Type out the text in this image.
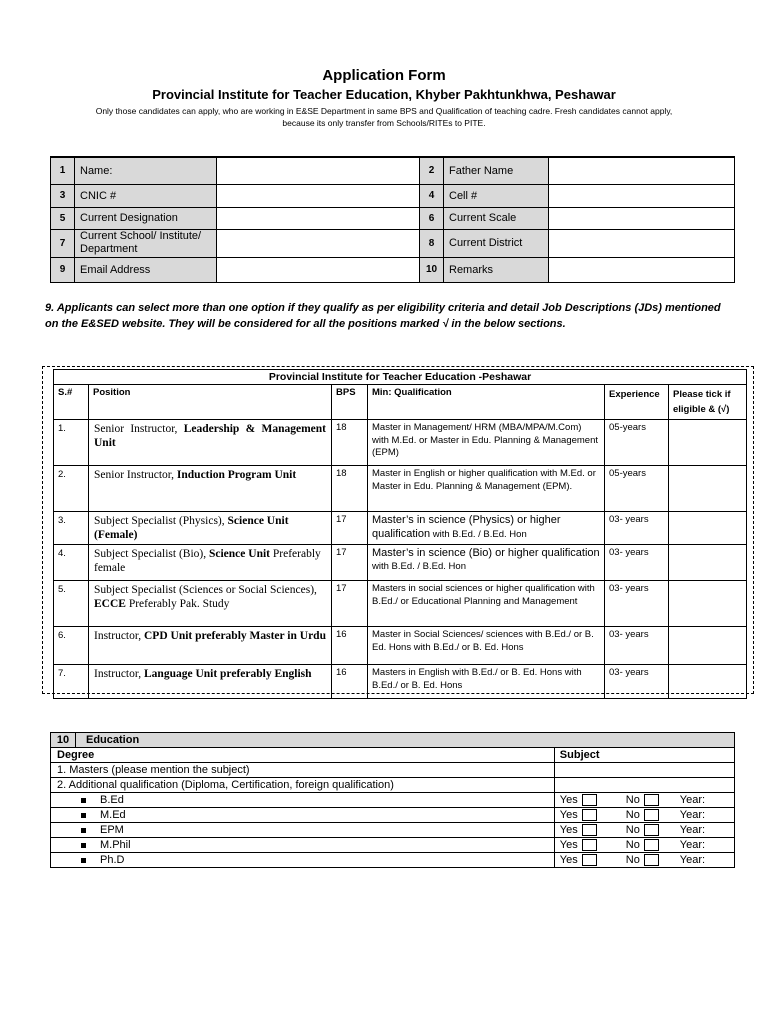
Application Form
Provincial Institute for Teacher Education, Khyber Pakhtunkhwa, Peshawar
Only those candidates can apply, who are working in E&SE Department in same BPS and Qualification of teaching cadre. Fresh candidates cannot apply, because its only transfer from Schools/RITEs to PITE.
1	Name:		2	Father Name	
3	CNIC #		4	Cell #	
5	Current Designation		6	Current Scale	
7	Current School/ Institute/ Department		8	Current District	
9	Email Address		10	Remarks	
9. Applicants can select more than one option if they qualify as per eligibility criteria and detail Job Descriptions (JDs) mentioned on the E&SED website. They will be considered for all the positions marked √ in the below sections.
Provincial Institute for Teacher Education -Peshawar					
S.#	Position	BPS	Min: Qualification	Experience	Please tick if eligible & (√)
1.	Senior Instructor, Leadership & Management Unit	18	Master in Management/ HRM (MBA/MPA/M.Com) with M.Ed. or Master in Edu. Planning & Management (EPM)	05-years	
2.	Senior Instructor, Induction Program Unit	18	Master in English or higher qualification with M.Ed. or Master in Edu. Planning & Management (EPM).	05-years	
3.	Subject Specialist (Physics), Science Unit (Female)	17	Master’s in science (Physics) or higher qualification with B.Ed. / B.Ed. Hon	03- years	
4.	Subject Specialist (Bio), Science Unit Preferably female	17	Master’s in science (Bio) or higher qualification with B.Ed. / B.Ed. Hon	03- years	
5.	Subject Specialist (Sciences or Social Sciences), ECCE Preferably Pak. Study	17	Masters in social sciences or higher qualification with B.Ed./ or Educational Planning and Management	03- years	
6.	Instructor, CPD Unit preferably Master in Urdu	16	Master in Social Sciences/ sciences with B.Ed./ or B. Ed. Hons with B.Ed./ or B. Ed. Hons	03- years	
7.	Instructor, Language Unit preferably English	16	Masters in English with B.Ed./ or B. Ed. Hons with B.Ed./ or B. Ed. Hons	03- years	
10	Education	
Degree		Subject
1. Masters (please mention the subject)		
2. Additional qualification (Diploma, Certification, foreign qualification)		
B.Ed		Yes No Year:
M.Ed		Yes No Year:
EPM		Yes No Year:
M.Phil		Yes No Year:
Ph.D		Yes No Year:
